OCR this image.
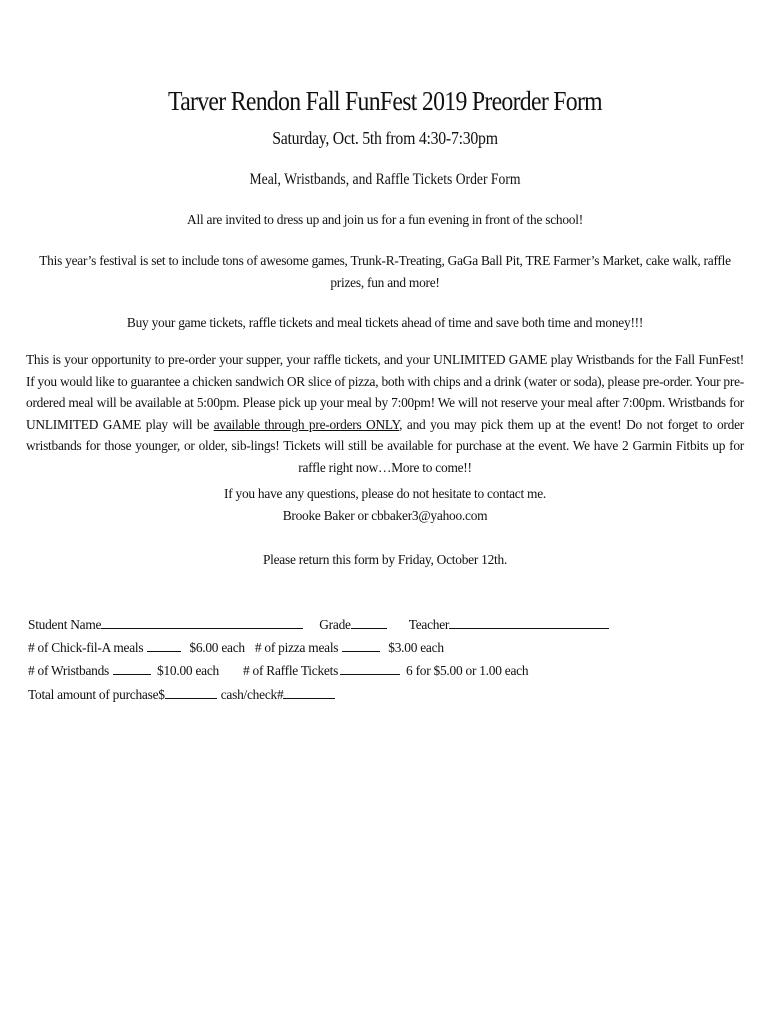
Tarver Rendon Fall FunFest 2019 Preorder Form
Saturday, Oct. 5th from 4:30-7:30pm
Meal, Wristbands, and Raffle Tickets Order Form
All are invited to dress up and join us for a fun evening in front of the school!
This year’s festival is set to include tons of awesome games, Trunk-R-Treating, GaGa Ball Pit, TRE Farmer’s Market, cake walk, raffle prizes, fun and more!
Buy your game tickets, raffle tickets and meal tickets ahead of time and save both time and money!!!
This is your opportunity to pre-order your supper, your raffle tickets, and your UNLIMITED GAME play Wristbands for the Fall FunFest! If you would like to guarantee a chicken sandwich OR slice of pizza, both with chips and a drink (water or soda), please pre-order. Your pre-ordered meal will be available at 5:00pm. Please pick up your meal by 7:00pm! We will not reserve your meal after 7:00pm. Wristbands for UNLIMITED GAME play will be available through pre-orders ONLY, and you may pick them up at the event! Do not forget to order wristbands for those younger, or older, sib-lings! Tickets will still be available for purchase at the event. We have 2 Garmin Fitbits up for raffle right now…More to come!!
If you have any questions, please do not hesitate to contact me.
Brooke Baker or cbbaker3@yahoo.com
Please return this form by Friday, October 12th.
Student Name	Grade	Teacher
# of Chick-fil-A meals	$6.00 each # of pizza meals	$3.00 each
# of Wristbands	$10.00 each # of Raffle Tickets	6 for $5.00 or 1.00 each
Total amount of purchase$	cash/check#
